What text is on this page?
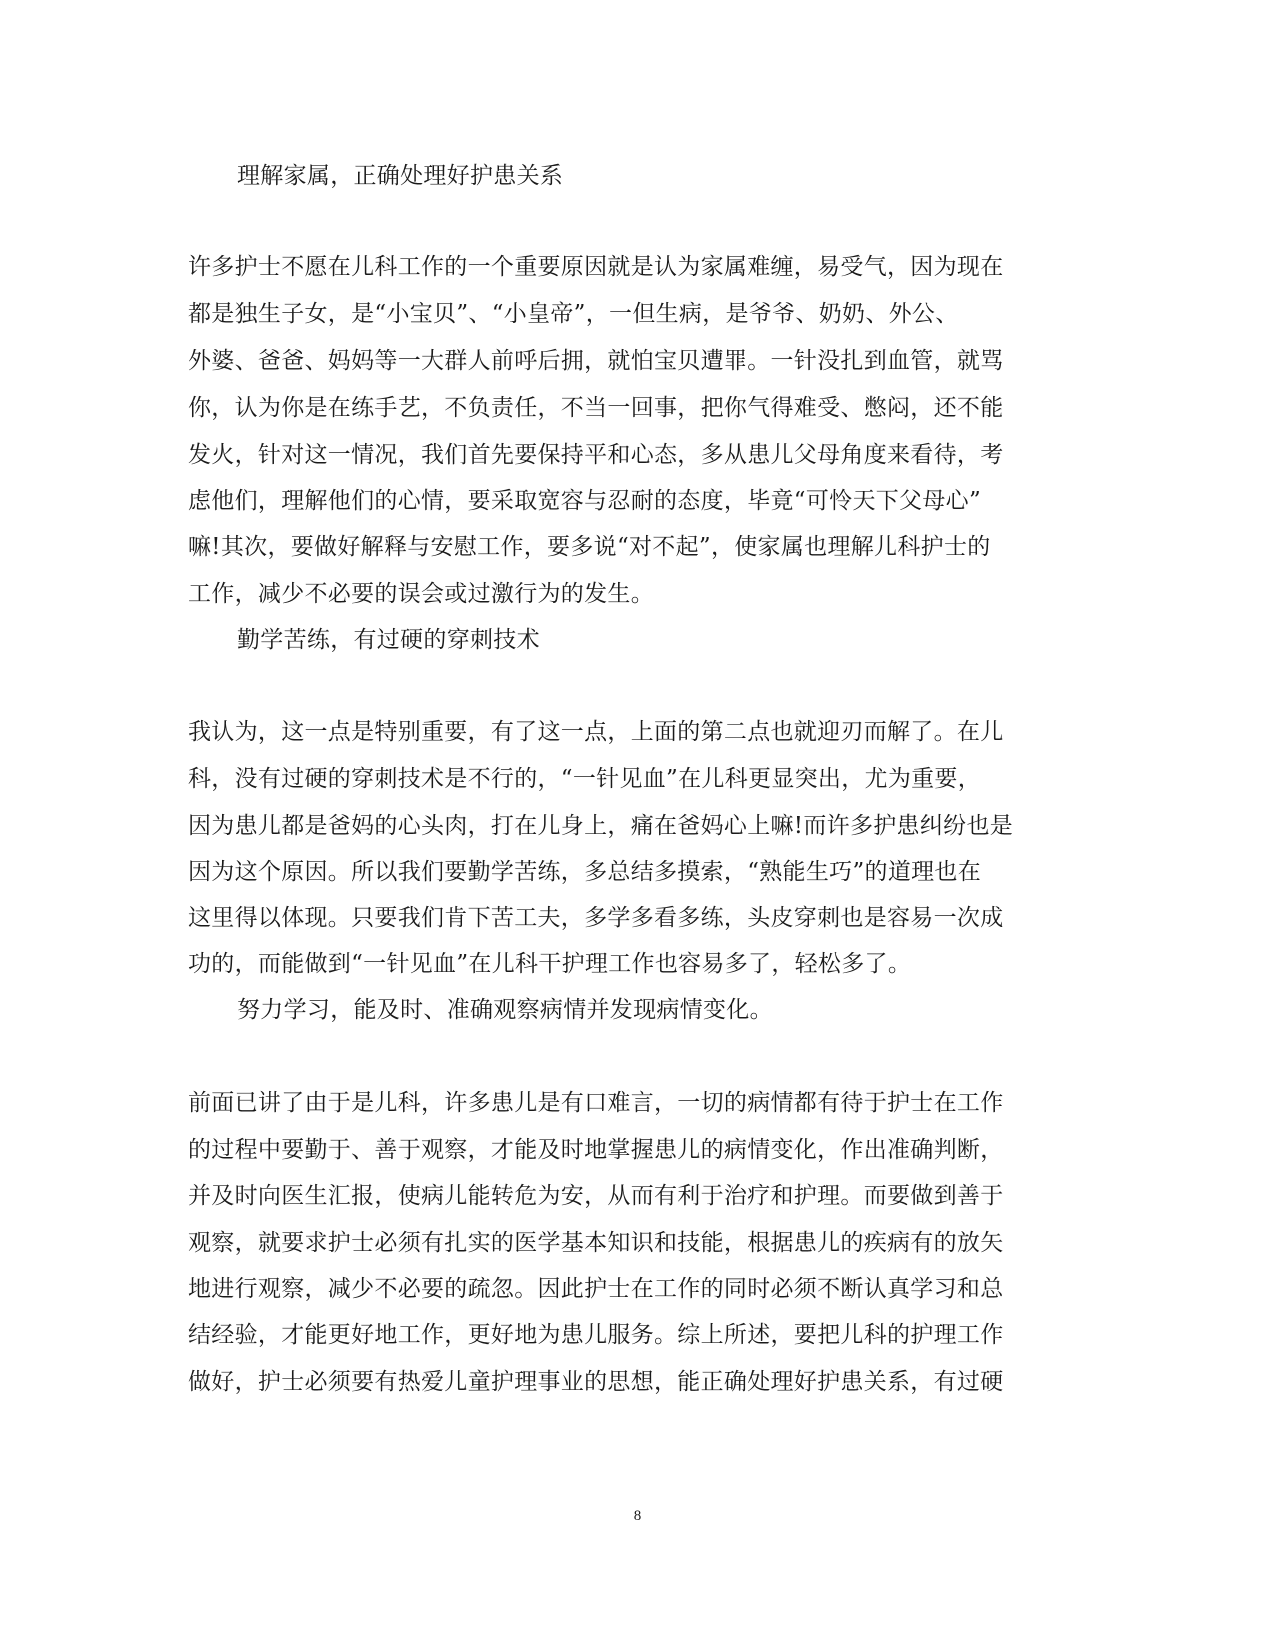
理解家属，正确处理好护患关系
许多护士不愿在儿科工作的一个重要原因就是认为家属难缠，易受气，因为现在
都是独生子女，是“小宝贝”、“小皇帝”，一但生病，是爷爷、奶奶、外公、
外婆、爸爸、妈妈等一大群人前呼后拥，就怕宝贝遭罪。一针没扎到血管，就骂
你，认为你是在练手艺，不负责任，不当一回事，把你气得难受、憋闷，还不能
发火，针对这一情况，我们首先要保持平和心态，多从患儿父母角度来看待，考
虑他们，理解他们的心情，要采取宽容与忍耐的态度，毕竟“可怜天下父母心”
嘛!其次，要做好解释与安慰工作，要多说“对不起”，使家属也理解儿科护士的
工作，减少不必要的误会或过激行为的发生。
勤学苦练，有过硬的穿刺技术
我认为，这一点是特别重要，有了这一点，上面的第二点也就迎刃而解了。在儿
科，没有过硬的穿刺技术是不行的，“一针见血”在儿科更显突出，尤为重要，
因为患儿都是爸妈的心头肉，打在儿身上，痛在爸妈心上嘛!而许多护患纠纷也是
因为这个原因。所以我们要勤学苦练，多总结多摸索，“熟能生巧”的道理也在
这里得以体现。只要我们肯下苦工夫，多学多看多练，头皮穿刺也是容易一次成
功的，而能做到“一针见血”在儿科干护理工作也容易多了，轻松多了。
努力学习，能及时、准确观察病情并发现病情变化。
前面已讲了由于是儿科，许多患儿是有口难言，一切的病情都有待于护士在工作
的过程中要勤于、善于观察，才能及时地掌握患儿的病情变化，作出准确判断，
并及时向医生汇报，使病儿能转危为安，从而有利于治疗和护理。而要做到善于
观察，就要求护士必须有扎实的医学基本知识和技能，根据患儿的疾病有的放矢
地进行观察，减少不必要的疏忽。因此护士在工作的同时必须不断认真学习和总
结经验，才能更好地工作，更好地为患儿服务。综上所述，要把儿科的护理工作
做好，护士必须要有热爱儿童护理事业的思想，能正确处理好护患关系，有过硬
8
